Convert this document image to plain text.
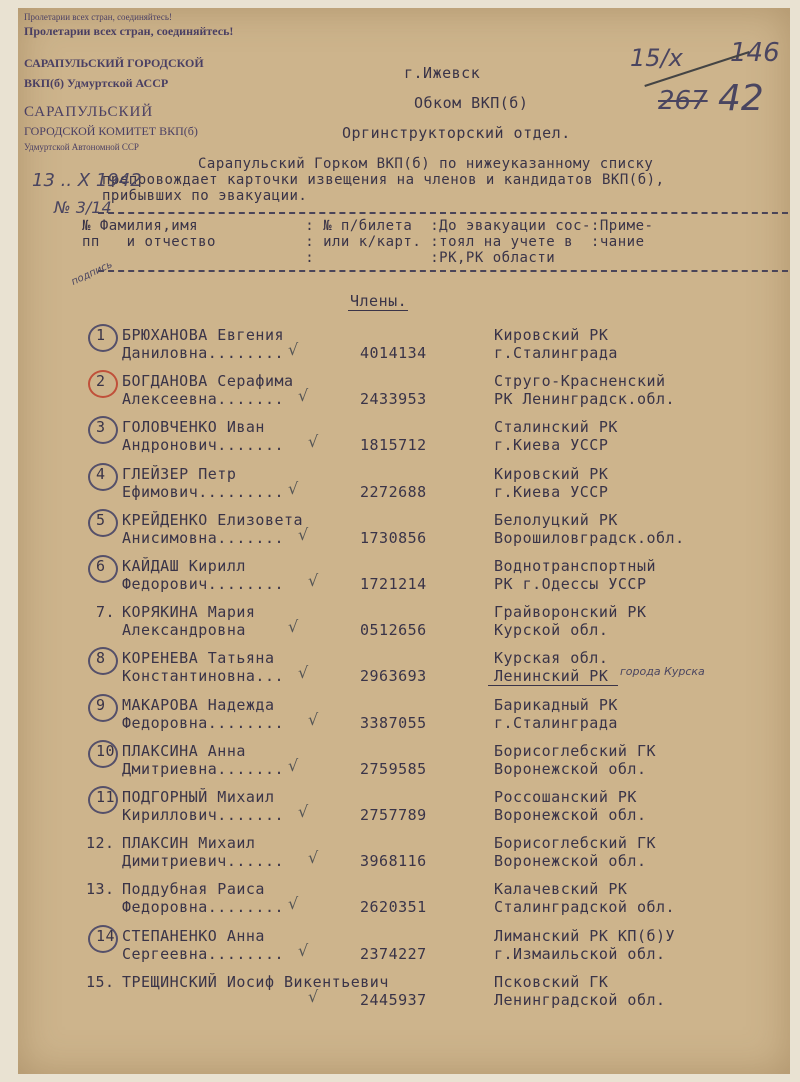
Пролетарии всех стран, соединяйтесь!
Пролетарии всех стран, соединяйтесь!
САРАПУЛЬСКИЙ ГОРОДСКОЙ
ВКП(б) Удмуртской АССР
САРАПУЛЬСКИЙ
ГОРОДСКОЙ КОМИТЕТ ВКП(б)
Удмуртской Автономной ССР
15/х 146
267 42
г.Ижевск
Обком ВКП(б)
Оргинструкторский отдел.
Сарапульский Горком ВКП(б) по нижеуказанному списку
препровождает карточки извещения на членов и кандидатов ВКП(б),
прибывших по эвакуации.
13 .. Х 1942
№ 3/14
подпись
№ Фамилия,имя            : № п/билета  :До эвакуации сос-:Приме-
пп   и отчество          : или к/карт. :тоял на учете в  :чание
:             :РК,РК области
Члены.
1 БРЮХАНОВА Евгения
Даниловна........	4014134
Кировский РК
г.Сталинграда
√
2 БОГДАНОВА Серафима
Алексеевна.......	2433953
Струго-Красненский
РК Ленинградск.обл.
√
3 ГОЛОВЧЕНКО Иван
Андронович.......	1815712
Сталинский РК
г.Киева УССР
√
4 ГЛЕЙЗЕР Петр
Ефимович.........	2272688
Кировский РК
г.Киева УССР
√
5 КРЕЙДЕНКО Елизовета
Анисимовна.......	1730856
Белолуцкий РК
Ворошиловградск.обл.
√
6 КАЙДАШ Кирилл
Федорович........	1721214
Воднотранспортный
РК г.Одессы УССР
√
7. КОРЯКИНА Мария
Александровна	0512656
Грайворонский РК
Курской обл.
√
8 КОРЕНЕВА Татьяна
Константиновна...	2963693
Курская обл.
Ленинский РК города Курска
√
9 МАКАРОВА Надежда
Федоровна........	3387055
Барикадный РК
г.Сталинграда
√
10 ПЛАКСИНА Анна
Дмитриевна.......	2759585
Борисоглебский ГК
Воронежской обл.
√
11 ПОДГОРНЫЙ Михаил
Кириллович.......	2757789
Россошанский РК
Воронежской обл.
√
12. ПЛАКСИН Михаил
Димитриевич......	3968116
Борисоглебский ГК
Воронежской обл.
√
13. Поддубная Раиса
Федоровна........	2620351
Калачевский РК
Сталинградской обл.
√
14 СТЕПАНЕНКО Анна
Сергеевна........	2374227
Лиманский РК КП(б)У
г.Измаильской обл.
√
15. ТРЕЩИНСКИЙ Иосиф Викентьевич
2445937
Псковский ГК
Ленинградской обл.
√
